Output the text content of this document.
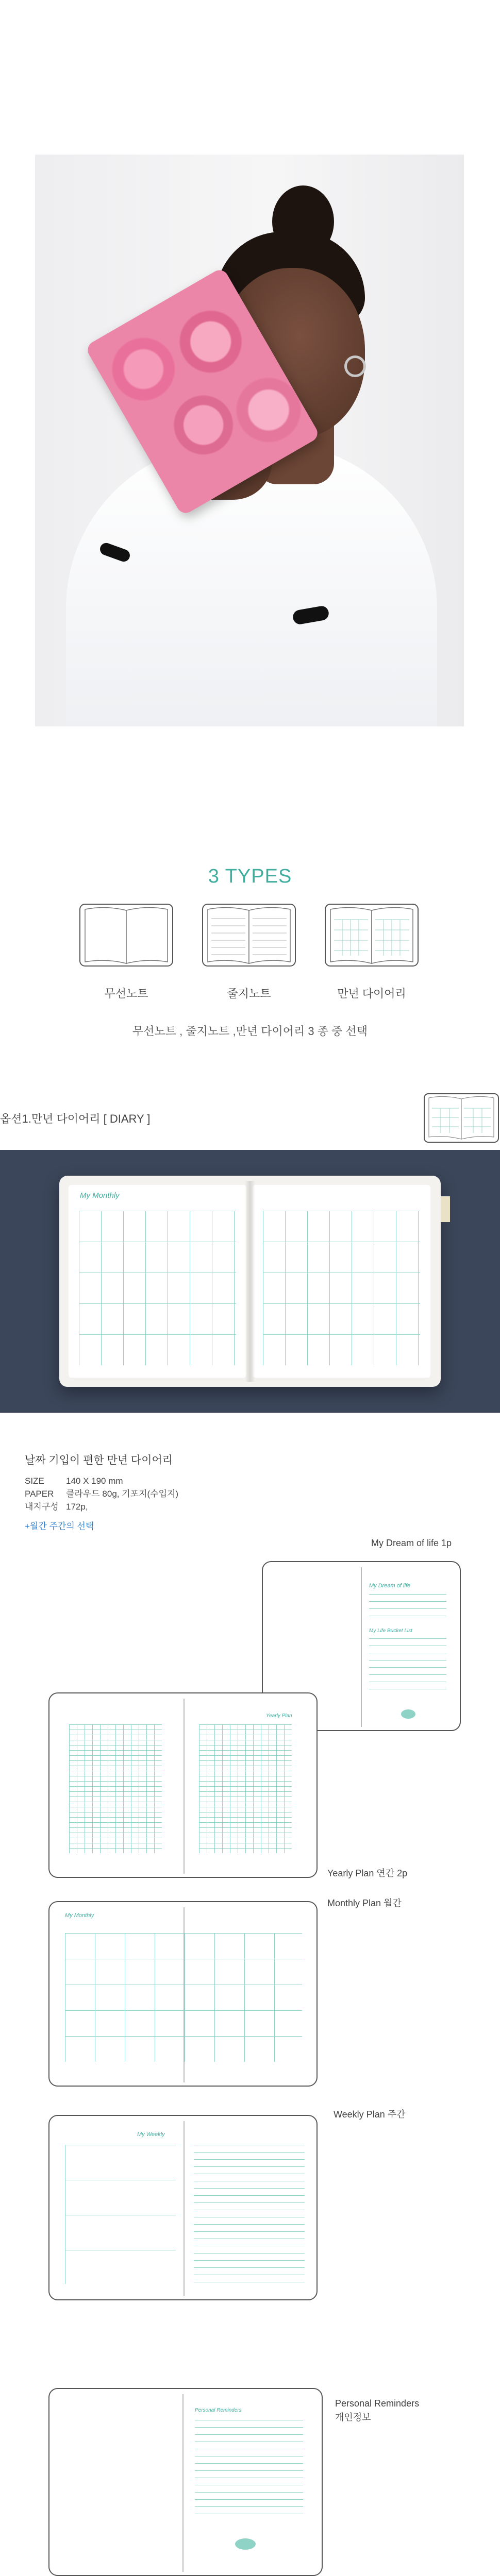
3 TYPES
무선노트	줄지노트	만년 다이어리
무선노트 , 줄지노트 ,만년 다이어리 3 종 중 선택
옵션1.만년 다이어리 [ DIARY ]
My Monthly
날짜 기입이 편한 만년 다이어리
SIZE 140 X 190 mm
PAPER 클라우드 80g, 기포지(수입지)
내지구성 172p,
+월간 주간의 선택
My Dream of life 1p
My Dream of life
My Life Bucket List
Yearly Plan
Yearly Plan 연간 2p
Monthly Plan 월간
My Monthly
Weekly Plan 주간
My Weekly
Personal Reminders
개인정보
Personal Reminders
